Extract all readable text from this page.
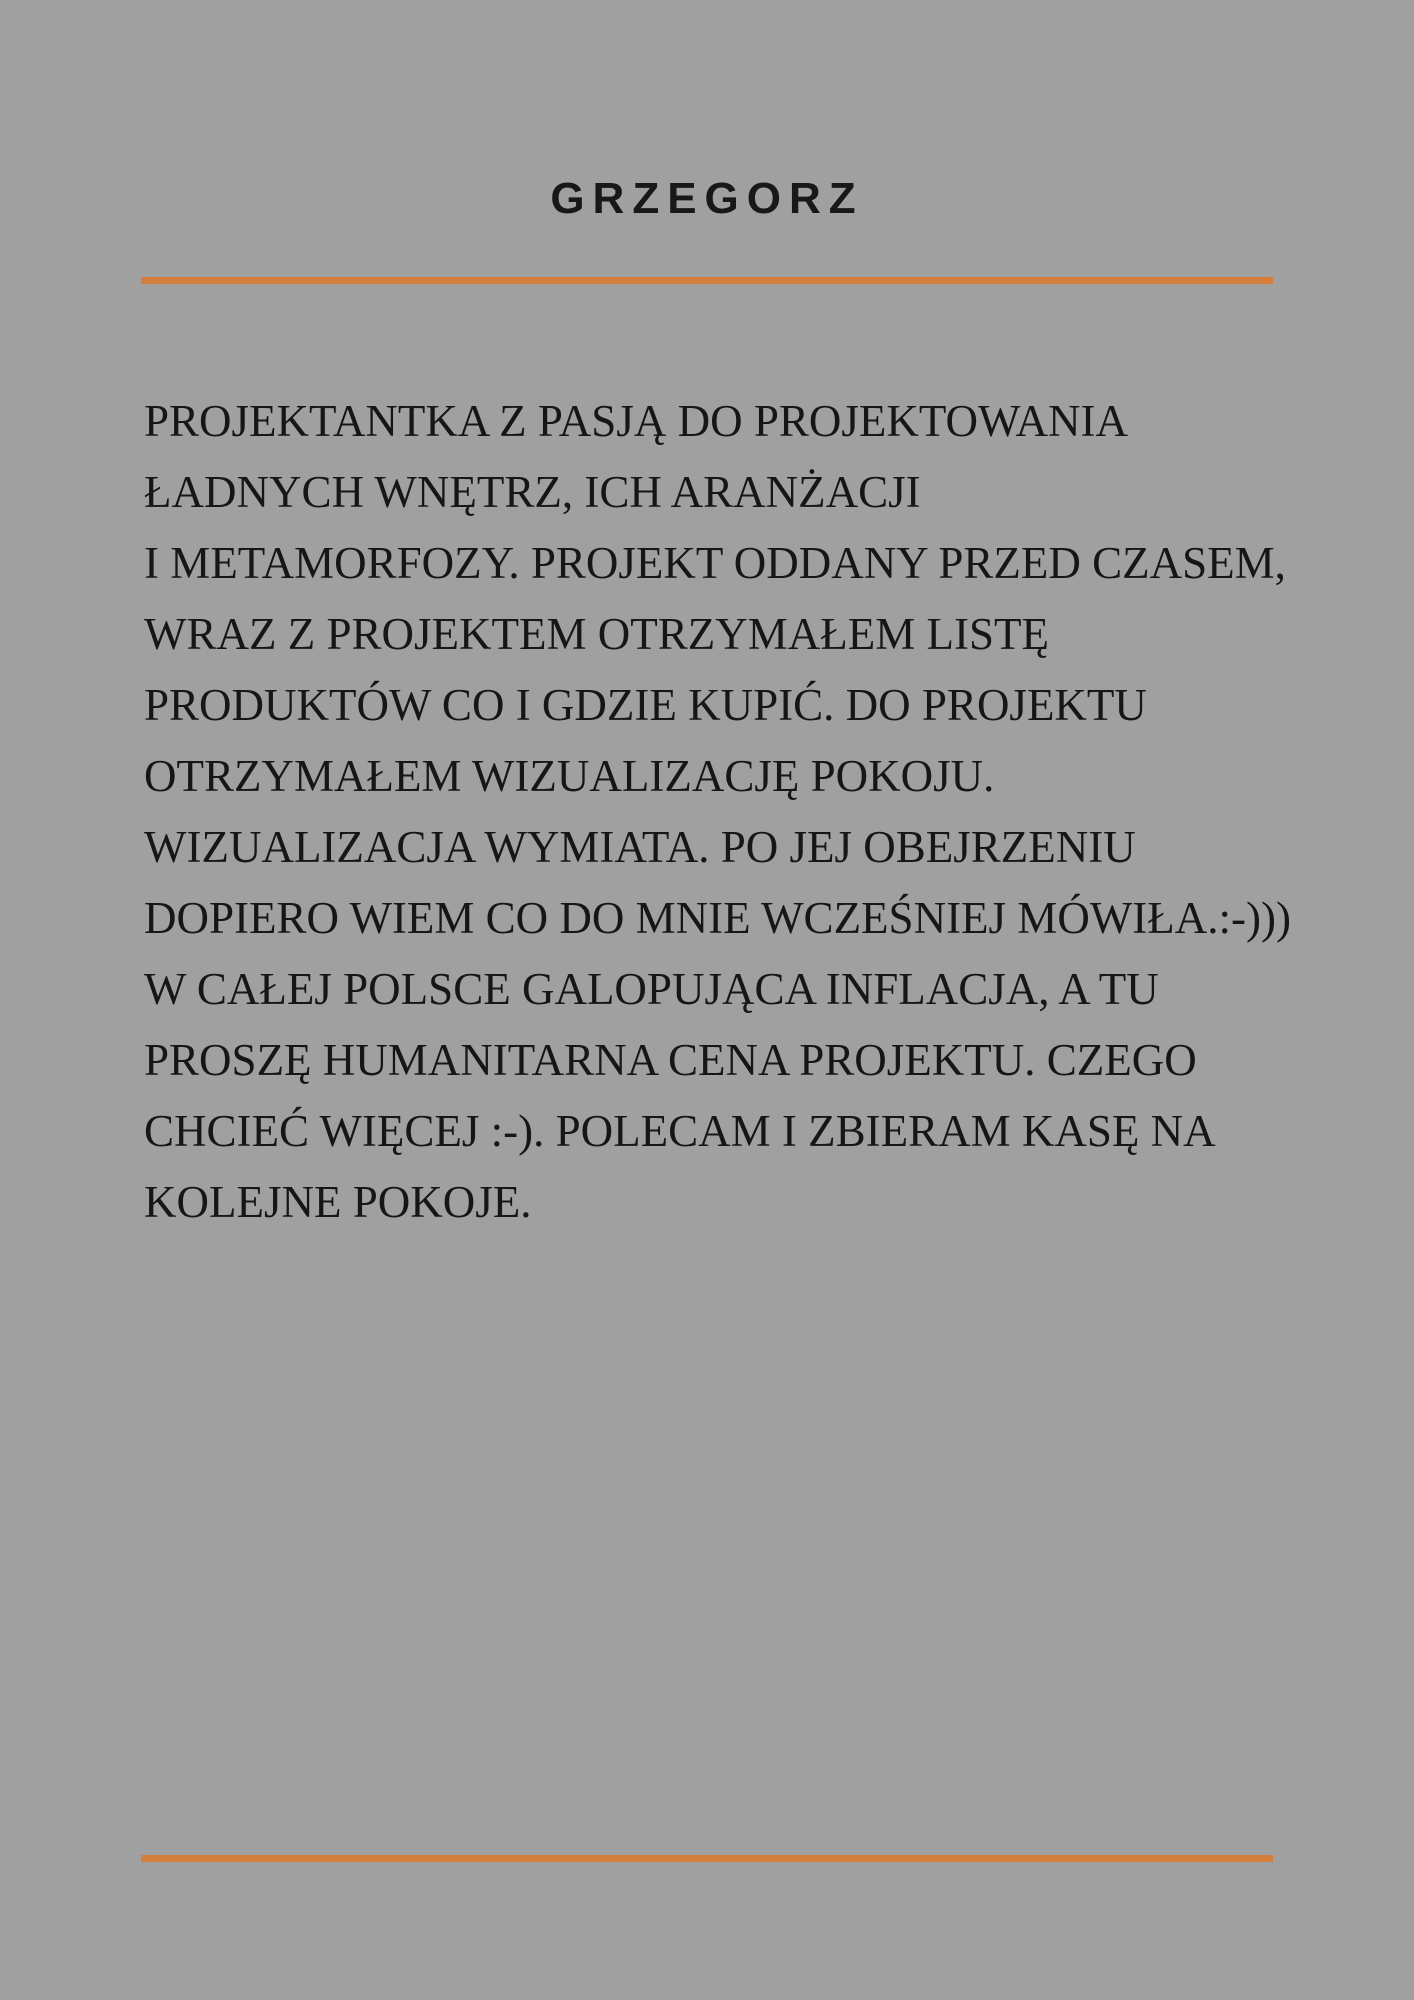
GRZEGORZ
PROJEKTANTKA Z PASJĄ DO PROJEKTOWANIA
ŁADNYCH WNĘTRZ, ICH ARANŻACJI
I METAMORFOZY. PROJEKT ODDANY PRZED CZASEM,
WRAZ Z PROJEKTEM OTRZYMAŁEM LISTĘ
PRODUKTÓW CO I GDZIE KUPIĆ. DO PROJEKTU
OTRZYMAŁEM WIZUALIZACJĘ POKOJU.
WIZUALIZACJA WYMIATA. PO JEJ OBEJRZENIU
DOPIERO WIEM CO DO MNIE WCZEŚNIEJ MÓWIŁA.:-)))
W CAŁEJ POLSCE GALOPUJĄCA INFLACJA, A TU
PROSZĘ HUMANITARNA CENA PROJEKTU. CZEGO
CHCIEĆ WIĘCEJ :-). POLECAM I ZBIERAM KASĘ NA
KOLEJNE POKOJE.
